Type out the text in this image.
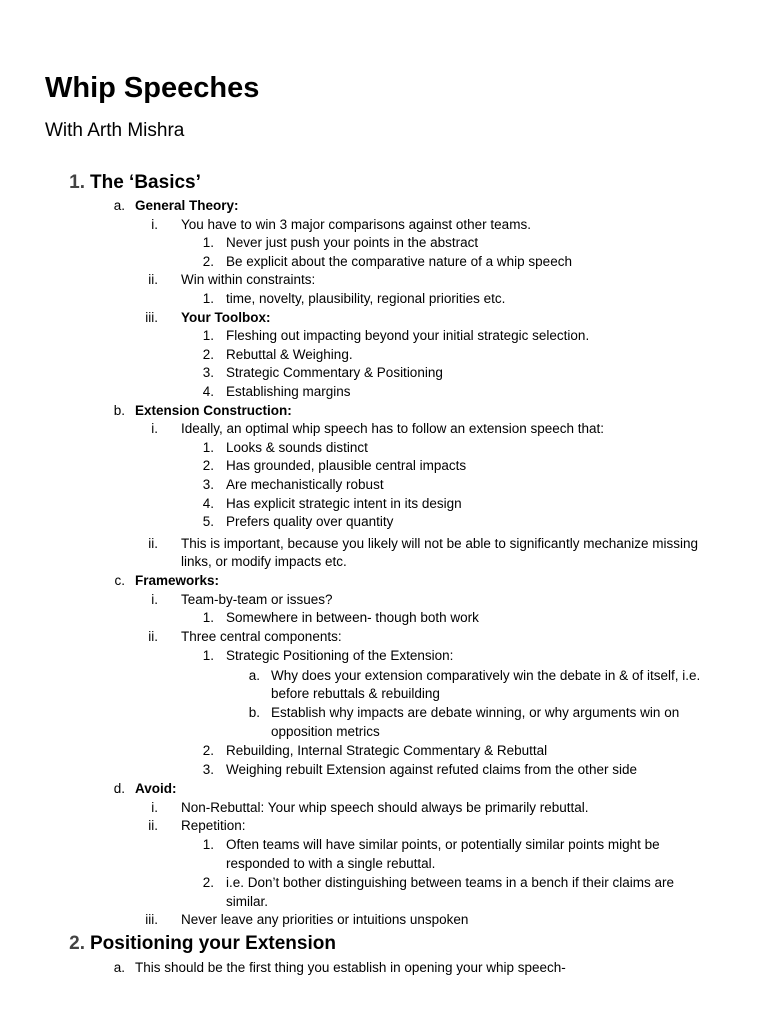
Whip Speeches
With Arth Mishra
1. The ‘Basics’
a. General Theory:
i. You have to win 3 major comparisons against other teams.
1. Never just push your points in the abstract
2. Be explicit about the comparative nature of a whip speech
ii. Win within constraints:
1. time, novelty, plausibility, regional priorities etc.
iii. Your Toolbox:
1. Fleshing out impacting beyond your initial strategic selection.
2. Rebuttal & Weighing.
3. Strategic Commentary & Positioning
4. Establishing margins
b. Extension Construction:
i. Ideally, an optimal whip speech has to follow an extension speech that:
1. Looks & sounds distinct
2. Has grounded, plausible central impacts
3. Are mechanistically robust
4. Has explicit strategic intent in its design
5. Prefers quality over quantity
ii. This is important, because you likely will not be able to significantly mechanize missing
links, or modify impacts etc.
c. Frameworks:
i. Team-by-team or issues?
1. Somewhere in between- though both work
ii. Three central components:
1. Strategic Positioning of the Extension:
a. Why does your extension comparatively win the debate in & of itself, i.e.
before rebuttals & rebuilding
b. Establish why impacts are debate winning, or why arguments win on
opposition metrics
2. Rebuilding, Internal Strategic Commentary & Rebuttal
3. Weighing rebuilt Extension against refuted claims from the other side
d. Avoid:
i. Non-Rebuttal: Your whip speech should always be primarily rebuttal.
ii. Repetition:
1. Often teams will have similar points, or potentially similar points might be
responded to with a single rebuttal.
2. i.e. Don’t bother distinguishing between teams in a bench if their claims are
similar.
iii. Never leave any priorities or intuitions unspoken
2. Positioning your Extension
a. This should be the first thing you establish in opening your whip speech-
